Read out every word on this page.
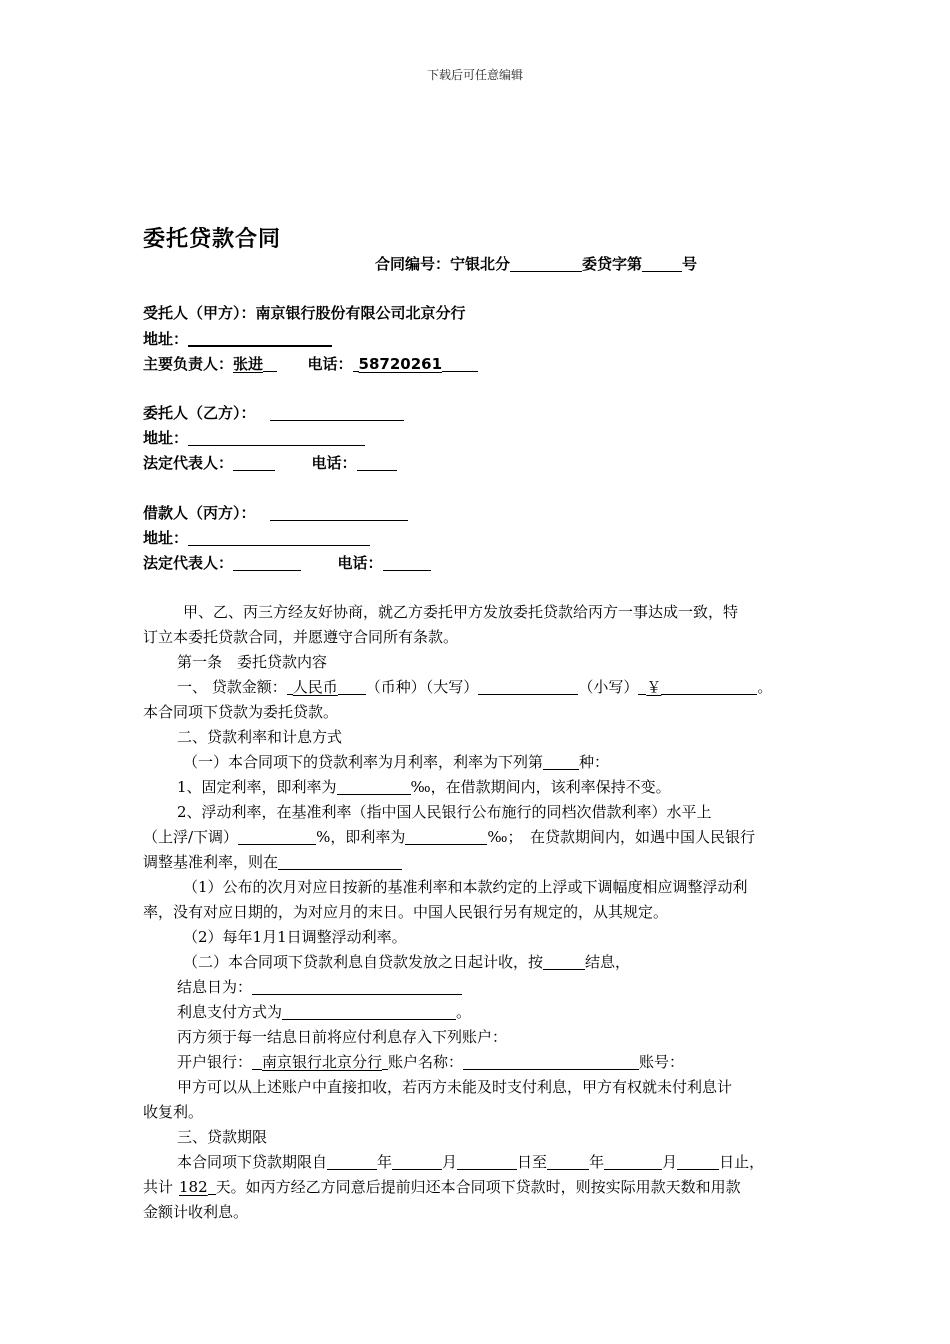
下载后可任意编辑
委托贷款合同
合同编号：宁银北分	委贷字第	号
受托人（甲方）：南京银行股份有限公司北京分行
地址：
主要负责人：张进	电话： 58720261
委托人（乙方）：
地址：
法定代表人：	电话：
借款人（丙方）：
地址：
法定代表人：	电话：
甲、乙、丙三方经友好协商，就乙方委托甲方发放委托贷款给丙方一事达成一致，特
订立本委托贷款合同，并愿遵守合同所有条款。
第一条　委托贷款内容
一、 贷款金额： 人民币 （币种）（大写）	（小写） ￥	。
本合同项下贷款为委托贷款。
二、贷款利率和计息方式
（一）本合同项下的贷款利率为月利率，利率为下列第 种：
1、固定利率，即利率为	‰，在借款期间内，该利率保持不变。
2、浮动利率，在基准利率（指中国人民银行公布施行的同档次借款利率）水平上
（上浮/下调）	%，即利率为	‰；　在贷款期间内，如遇中国人民银行
调整基准利率，则在
（1）公布的次月对应日按新的基准利率和本款约定的上浮或下调幅度相应调整浮动利
率，没有对应日期的，为对应月的末日。中国人民银行另有规定的，从其规定。
（2）每年1月1日调整浮动利率。
（二）本合同项下贷款利息自贷款发放之日起计收，按	结息，
结息日为：
利息支付方式为	。
丙方须于每一结息日前将应付利息存入下列账户：
开户银行： 南京银行北京分行 账户名称：	账号：
甲方可以从上述账户中直接扣收，若丙方未能及时支付利息，甲方有权就未付利息计
收复利。
三、贷款期限
本合同项下贷款期限自	年	月	日至	年	月	日止，
共计 182 天。如丙方经乙方同意后提前归还本合同项下贷款时，则按实际用款天数和用款
金额计收利息。
